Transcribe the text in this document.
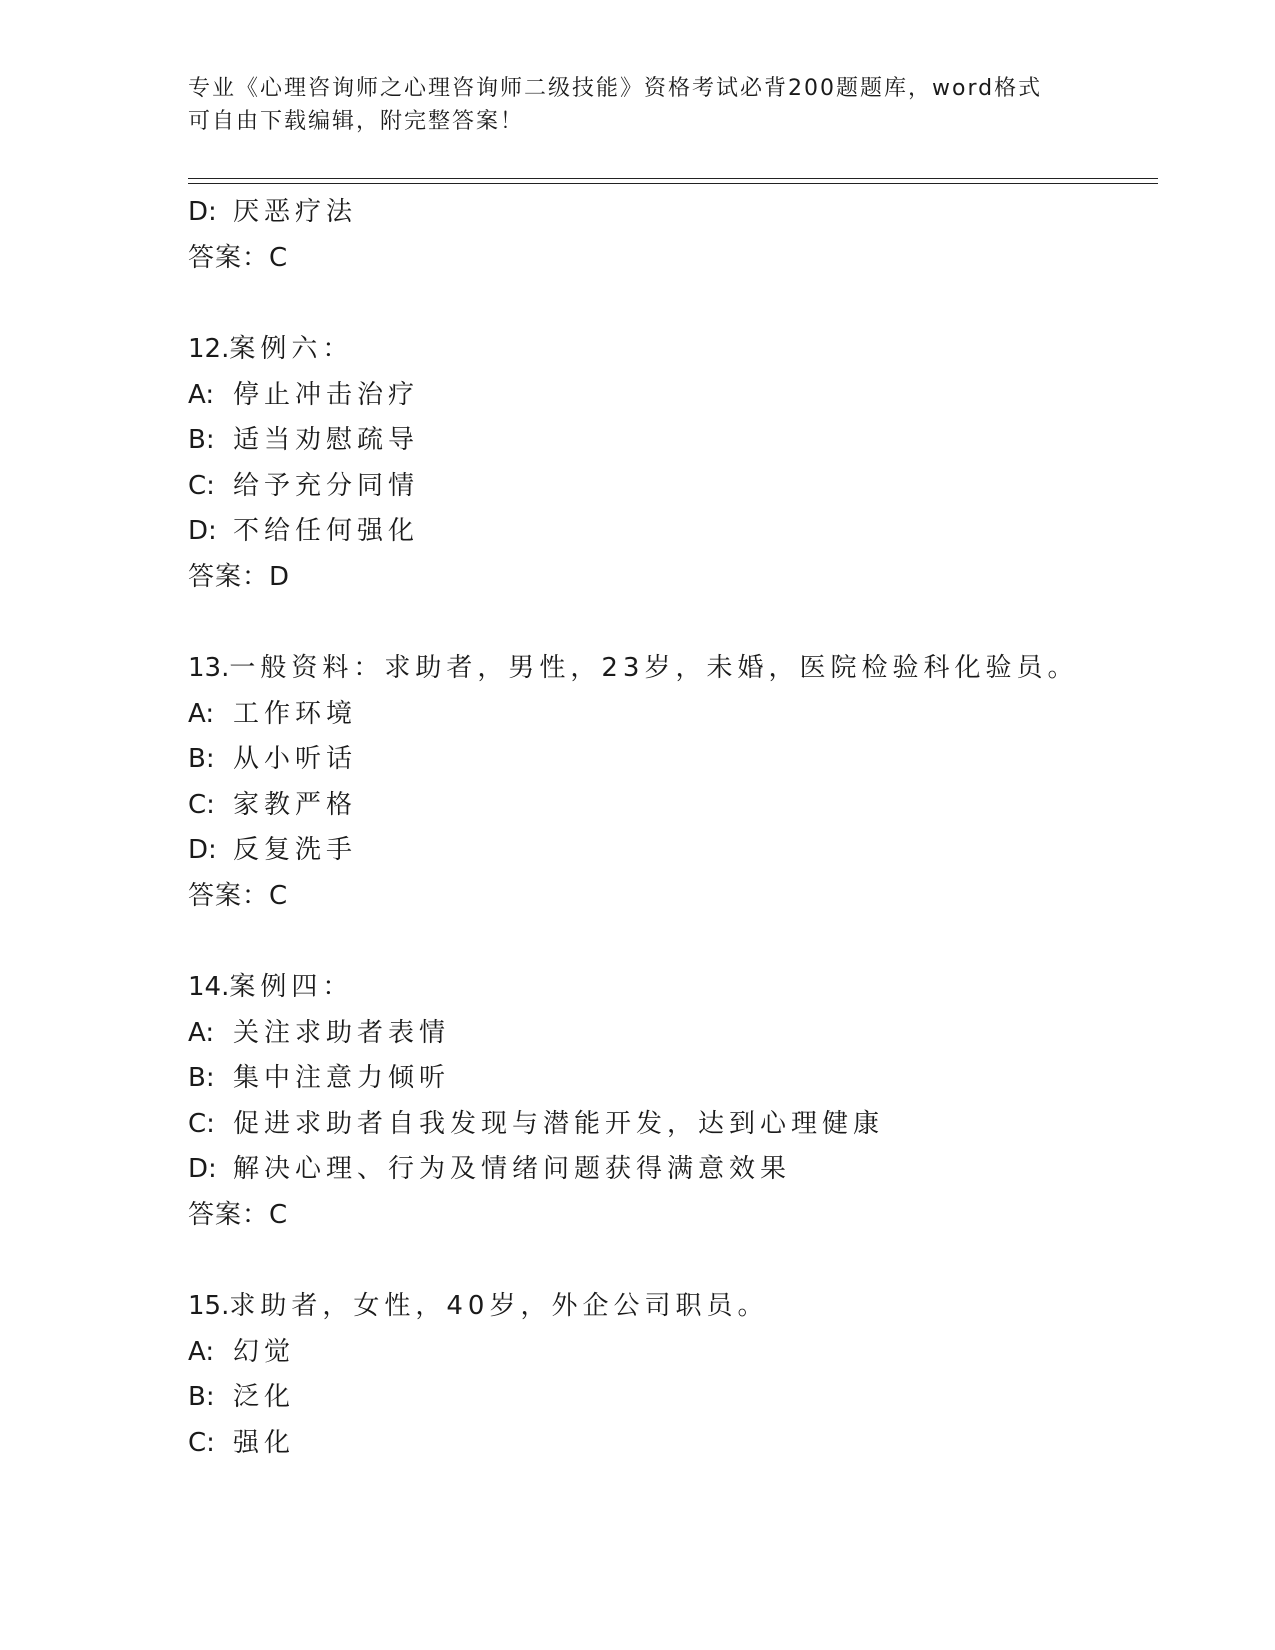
专业《心理咨询师之心理咨询师二级技能》资格考试必背200题题库，word格式
可自由下载编辑，附完整答案！
D: 厌恶疗法
答案：C
12.案例六：
A: 停止冲击治疗
B: 适当劝慰疏导
C: 给予充分同情
D: 不给任何强化
答案：D
13.一般资料：求助者，男性，23岁，未婚，医院检验科化验员。
A: 工作环境
B: 从小听话
C: 家教严格
D: 反复洗手
答案：C
14.案例四：
A: 关注求助者表情
B: 集中注意力倾听
C: 促进求助者自我发现与潜能开发，达到心理健康
D: 解决心理、行为及情绪问题获得满意效果
答案：C
15.求助者，女性，40岁，外企公司职员。
A: 幻觉
B: 泛化
C: 强化
